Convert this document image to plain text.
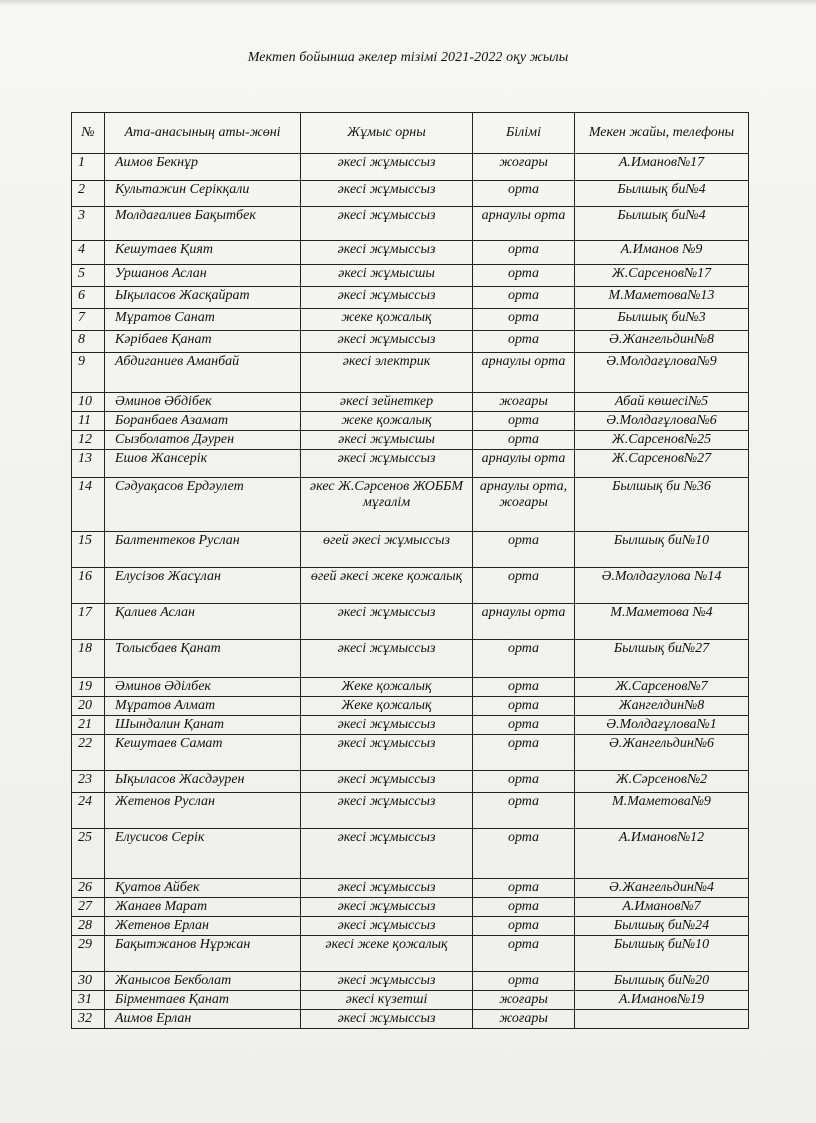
Мектеп бойынша әкелер тізімі 2021-2022 оқу жылы
№	Ата-анасының аты-жөні	Жұмыс орны	Білімі	Мекен жайы, телефоны
1	Аимов Бекнұр	әкесі жұмыссыз	жоғары	А.Иманов№17
2	Культажин Серікқали	әкесі жұмыссыз	орта	Былшық би№4
3	Молдағалиев Бақытбек	әкесі жұмыссыз	арнаулы орта	Былшық би№4
4	Кешутаев Қият	әкесі жұмыссыз	орта	А.Иманов №9
5	Уршанов Аслан	әкесі жұмысшы	орта	Ж.Сарсенов№17
6	Ықыласов Жасқайрат	әкесі жұмыссыз	орта	М.Маметова№13
7	Мұратов Санат	жеке қожалық	орта	Былшық би№3
8	Кәрібаев Қанат	әкесі жұмыссыз	орта	Ә.Жангельдин№8
9	Абдиганиев Аманбай	әкесі электрик	арнаулы орта	Ә.Молдағұлова№9
10	Әминов Әбдібек	әкесі зейнеткер	жоғары	Абай көшесі№5
11	Боранбаев Азамат	жеке қожалық	орта	Ә.Молдағұлова№6
12	Сызболатов Дәурен	әкесі жұмысшы	орта	Ж.Сарсенов№25
13	Ешов Жансерік	әкесі жұмыссыз	арнаулы орта	Ж.Сарсенов№27
14	Сәдуақасов Ердәулет	әкес Ж.Сәрсенов ЖОББМ мұғалім	арнаулы орта, жоғары	Былшық би №36
15	Балтентеков Руслан	өгей әкесі жұмыссыз	орта	Былшық би№10
16	Елусізов Жасұлан	өгей әкесі жеке қожалық	орта	Ә.Молдагулова №14
17	Қалиев Аслан	әкесі жұмыссыз	арнаулы орта	М.Маметова №4
18	Толысбаев Қанат	әкесі жұмыссыз	орта	Былшық би№27
19	Әминов Әділбек	Жеке қожалық	орта	Ж.Сарсенов№7
20	Мұратов Алмат	Жеке қожалық	орта	Жангелдин№8
21	Шындалин Қанат	әкесі жұмыссыз	орта	Ә.Молдағұлова№1
22	Кешутаев Самат	әкесі жұмыссыз	орта	Ә.Жангельдин№6
23	Ықыласов Жасдәурен	әкесі жұмыссыз	орта	Ж.Сәрсенов№2
24	Жетенов Руслан	әкесі жұмыссыз	орта	М.Маметова№9
25	Елусисов Серік	әкесі жұмыссыз	орта	А.Иманов№12
26	Қуатов Айбек	әкесі жұмыссыз	орта	Ә.Жангельдин№4
27	Жанаев Марат	әкесі жұмыссыз	орта	А.Иманов№7
28	Жетенов Ерлан	әкесі жұмыссыз	орта	Былшық би№24
29	Бақытжанов Нұржан	әкесі жеке қожалық	орта	Былшық би№10
30	Жанысов Бекболат	әкесі жұмыссыз	орта	Былшық би№20
31	Бірментаев Қанат	әкесі күзетші	жоғары	А.Иманов№19
32	Аимов Ерлан	әкесі жұмыссыз	жоғары	
